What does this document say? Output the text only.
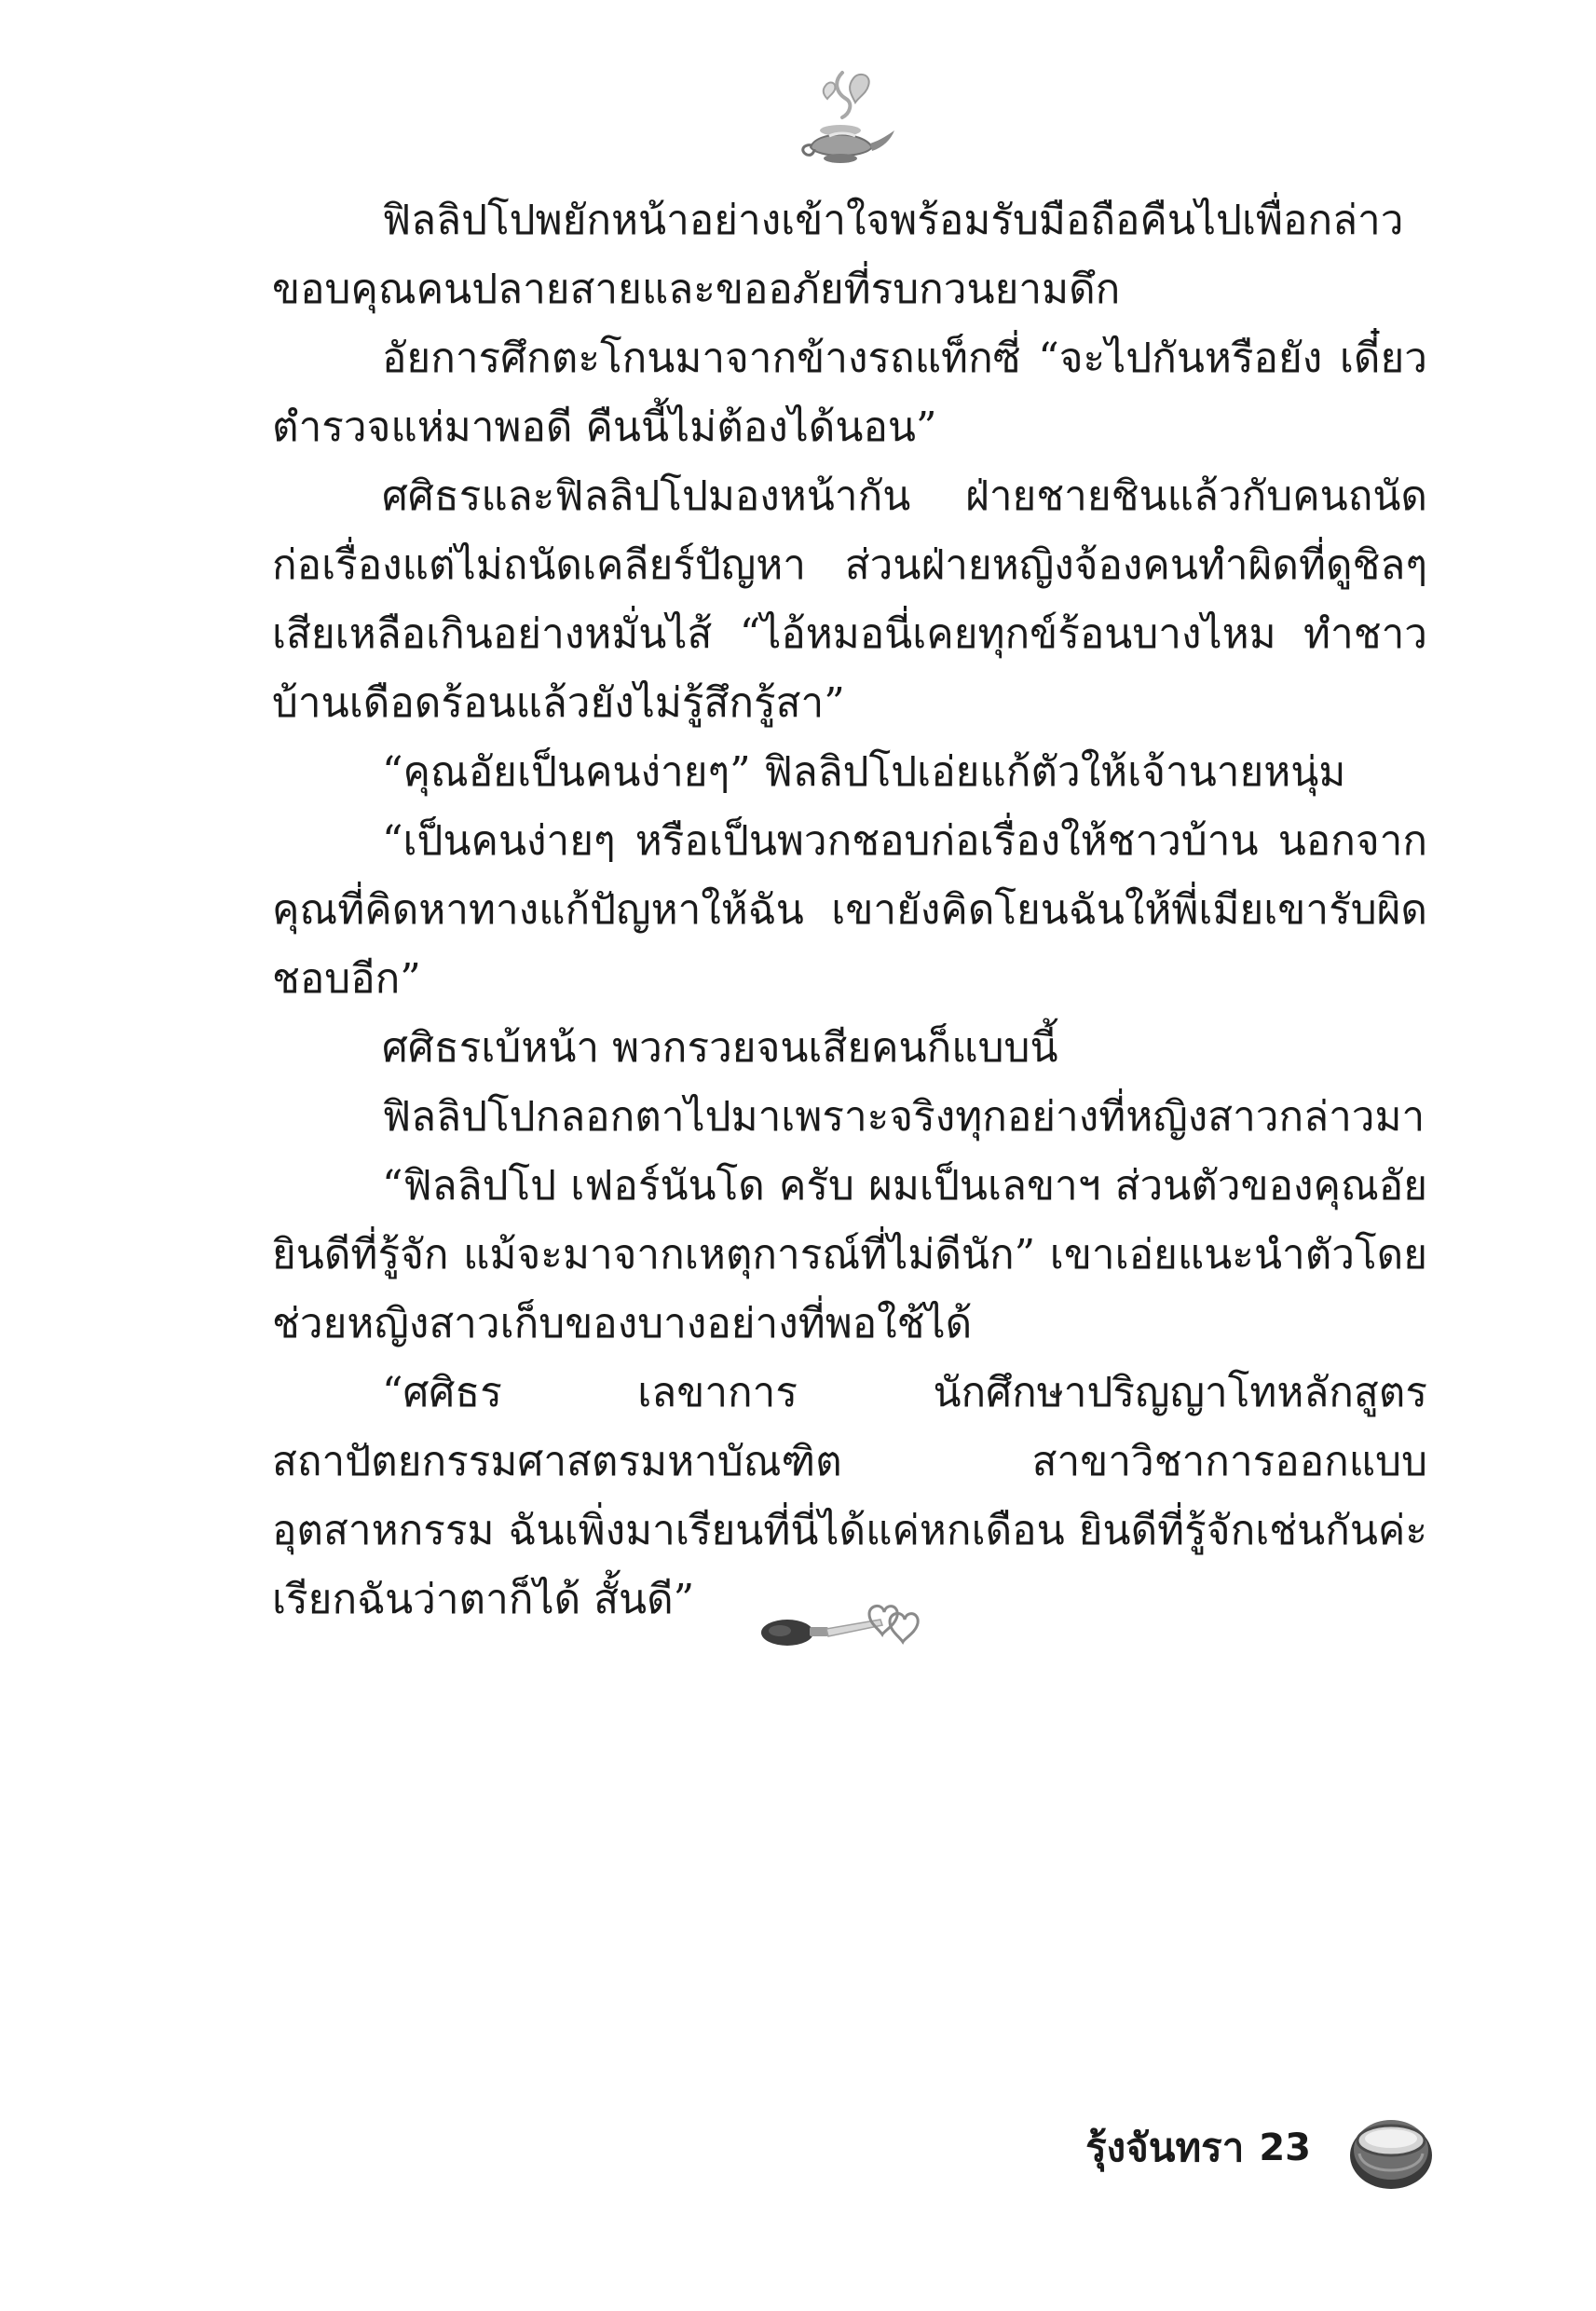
ฟิลลิปโปพยักหน้าอย่างเข้าใจพร้อมรับมือถือคืนไปเพื่อกล่าวขอบคุณคนปลายสายและขออภัยที่รบกวนยามดึก

อัยการศึกตะโกนมาจากข้างรถแท็กซี่ “จะไปกันหรือยัง เดี๋ยวตำรวจแห่มาพอดี คืนนี้ไม่ต้องได้นอน”

ศศิธรและฟิลลิปโปมองหน้ากัน ฝ่ายชายชินแล้วกับคนถนัดก่อเรื่องแต่ไม่ถนัดเคลียร์ปัญหา ส่วนฝ่ายหญิงจ้องคนทำผิดที่ดูชิลๆ เสียเหลือเกินอย่างหมั่นไส้ “ไอ้หมอนี่เคยทุกข์ร้อนบางไหม ทำชาวบ้านเดือดร้อนแล้วยังไม่รู้สึกรู้สา”

“คุณอัยเป็นคนง่ายๆ” ฟิลลิปโปเอ่ยแก้ตัวให้เจ้านายหนุ่ม

“เป็นคนง่ายๆ หรือเป็นพวกชอบก่อเรื่องให้ชาวบ้าน นอกจากคุณที่คิดหาทางแก้ปัญหาให้ฉัน เขายังคิดโยนฉันให้พี่เมียเขารับผิดชอบอีก”

ศศิธรเบ้หน้า พวกรวยจนเสียคนก็แบบนี้

ฟิลลิปโปกลอกตาไปมาเพราะจริงทุกอย่างที่หญิงสาวกล่าวมา

“ฟิลลิปโป เฟอร์นันโด ครับ ผมเป็นเลขาฯ ส่วนตัวของคุณอัย ยินดีที่รู้จัก แม้จะมาจากเหตุการณ์ที่ไม่ดีนัก” เขาเอ่ยแนะนำตัวโดยช่วยหญิงสาวเก็บของบางอย่างที่พอใช้ได้

“ศศิธร เลขาการ นักศึกษาปริญญาโทหลักสูตรสถาปัตยกรรมศาสตรมหาบัณฑิต สาขาวิชาการออกแบบอุตสาหกรรม ฉันเพิ่งมาเรียนที่นี่ได้แค่หกเดือน ยินดีที่รู้จักเช่นกันค่ะ เรียกฉันว่าตาก็ได้ สั้นดี”

รุ้งจันทรา 23
